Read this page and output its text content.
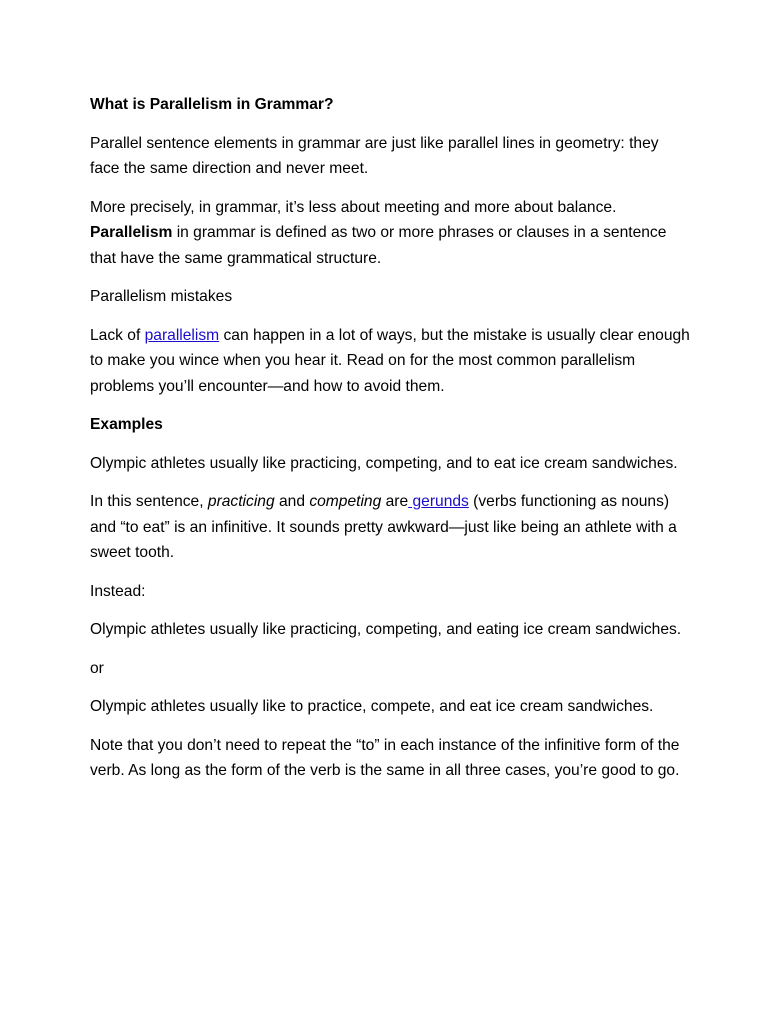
What is Parallelism in Grammar?

Parallel sentence elements in grammar are just like parallel lines in geometry: they face the same direction and never meet.

More precisely, in grammar, it’s less about meeting and more about balance. Parallelism in grammar is defined as two or more phrases or clauses in a sentence that have the same grammatical structure.

Parallelism mistakes

Lack of parallelism can happen in a lot of ways, but the mistake is usually clear enough to make you wince when you hear it. Read on for the most common parallelism problems you’ll encounter—and how to avoid them.

Examples

Olympic athletes usually like practicing, competing, and to eat ice cream sandwiches.

In this sentence, practicing and competing are gerunds (verbs functioning as nouns) and “to eat” is an infinitive. It sounds pretty awkward—just like being an athlete with a sweet tooth.

Instead:

Olympic athletes usually like practicing, competing, and eating ice cream sandwiches.

or

Olympic athletes usually like to practice, compete, and eat ice cream sandwiches.

Note that you don’t need to repeat the “to” in each instance of the infinitive form of the verb. As long as the form of the verb is the same in all three cases, you’re good to go.
